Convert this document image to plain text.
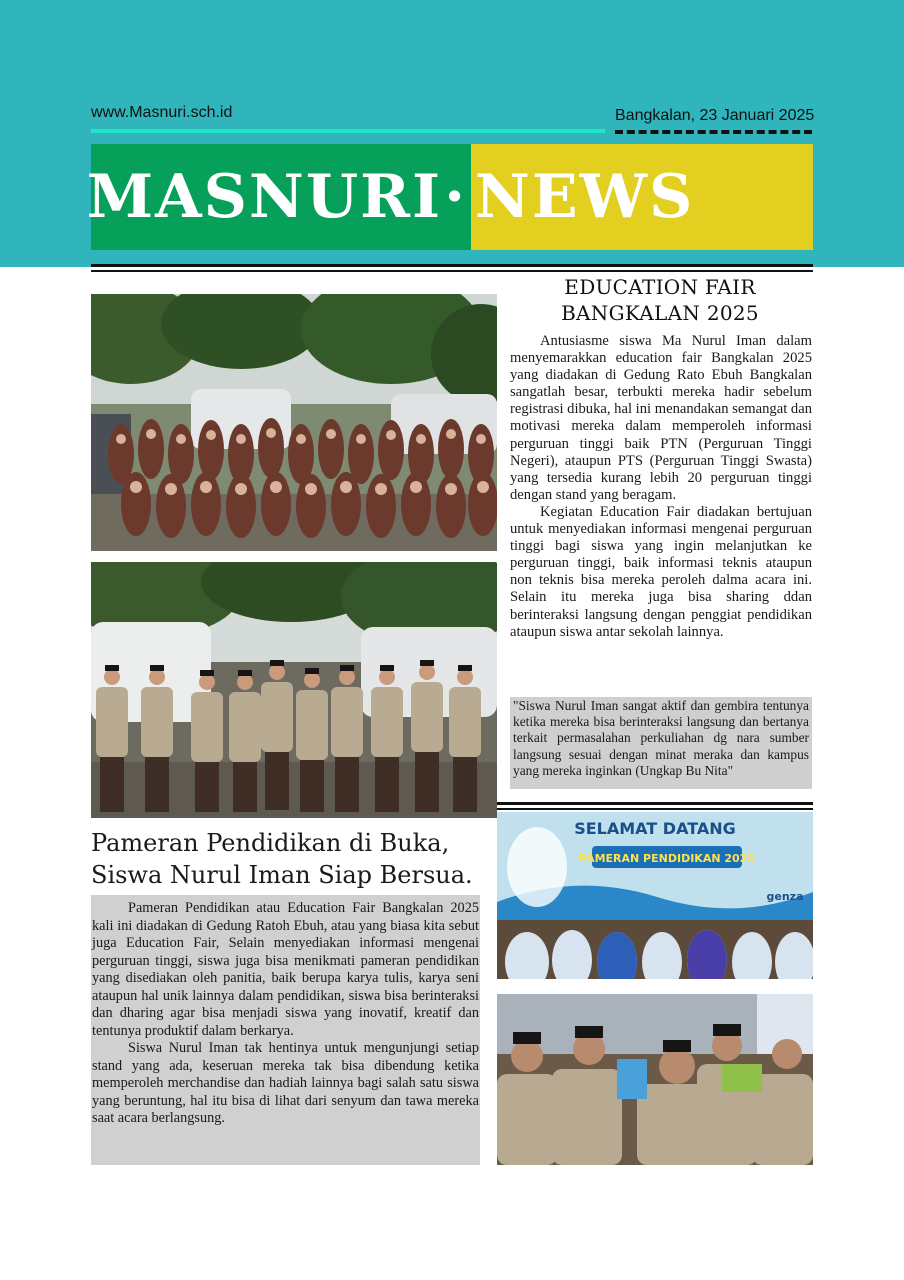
www.Masnuri.sch.id	Bangkalan, 23 Januari 2025
MASNURI · NEWS
EDUCATION FAIR
BANGKALAN 2025

Antusiasme siswa Ma Nurul Iman dalam menyemarakkan education fair Bangkalan 2025 yang diadakan di Gedung Rato Ebuh Bangkalan sangatlah besar, terbukti mereka hadir sebelum registrasi dibuka, hal ini menandakan semangat dan motivasi mereka dalam memperoleh informasi perguruan tinggi baik PTN (Perguruan Tinggi Negeri), ataupun PTS (Perguruan Tinggi Swasta) yang tersedia kurang lebih 20 perguruan tinggi dengan stand yang beragam.

Kegiatan Education Fair diadakan bertujuan untuk menyediakan informasi mengenai perguruan tinggi bagi siswa yang ingin melanjutkan ke perguruan tinggi, baik informasi teknis ataupun non teknis bisa mereka peroleh dalma acara ini. Selain itu mereka juga bisa sharing ddan berinteraksi langsung dengan penggiat pendidikan ataupun siswa antar sekolah lainnya.

"Siswa Nurul Iman sangat aktif dan gembira tentunya ketika mereka bisa berinteraksi langsung dan bertanya terkait permasalahan perkuliahan dg nara sumber langsung sesuai dengan minat meraka dan kampus yang mereka inginkan (Ungkap Bu Nita"
SELAMAT DATANG
PAMERAN PENDIDIKAN 2025
genza
Pameran Pendidikan di Buka,
Siswa Nurul Iman Siap Bersua.

Pameran Pendidikan atau Education Fair Bangkalan 2025 kali ini diadakan di Gedung Ratoh Ebuh, atau yang biasa kita sebut juga Education Fair, Selain menyediakan informasi mengenai perguruan tinggi, siswa juga bisa menikmati pameran pendidikan yang disediakan oleh panitia, baik berupa karya tulis, karya seni ataupun hal unik lainnya dalam pendidikan, siswa bisa berinteraksi dan dharing agar bisa menjadi siswa yang inovatif, kreatif dan tentunya produktif dalam berkarya.

Siswa Nurul Iman tak hentinya untuk mengunjungi setiap stand yang ada, keseruan mereka tak bisa dibendung ketika memperoleh merchandise dan hadiah lainnya bagi salah satu siswa yang beruntung, hal itu bisa di lihat dari senyum dan tawa mereka saat acara berlangsung.
